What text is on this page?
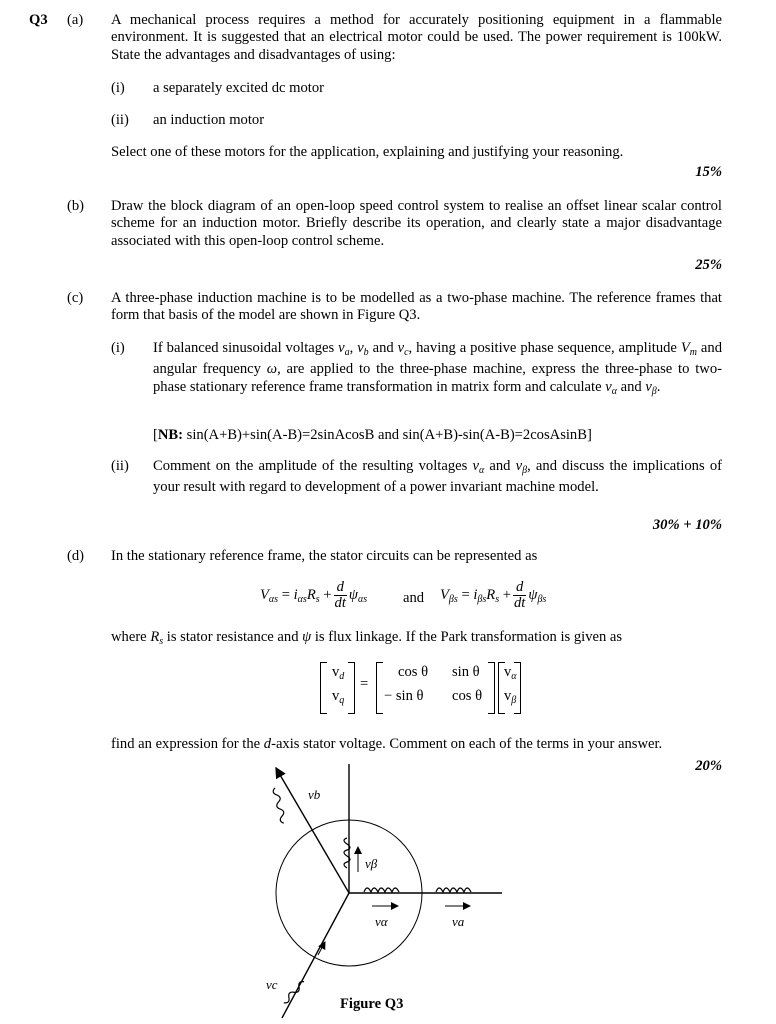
Q3 (a) A mechanical process requires a method for accurately positioning equipment in a flammable environment. It is suggested that an electrical motor could be used. The power requirement is 100kW. State the advantages and disadvantages of using:
(i) a separately excited dc motor
(ii) an induction motor
Select one of these motors for the application, explaining and justifying your reasoning.
15%
(b) Draw the block diagram of an open-loop speed control system to realise an offset linear scalar control scheme for an induction motor. Briefly describe its operation, and clearly state a major disadvantage associated with this open-loop control scheme.
25%
(c) A three-phase induction machine is to be modelled as a two-phase machine. The reference frames that form that basis of the model are shown in Figure Q3.
(i) If balanced sinusoidal voltages $v_a$, $v_b$ and $v_c$, having a positive phase sequence, amplitude $V_m$ and angular frequency ω, are applied to the three-phase machine, express the three-phase to two-phase stationary reference frame transformation in matrix form and calculate $v_\alpha$ and $v_\beta$.
[NB: sin(A+B)+sin(A-B)=2sinAcosB and sin(A+B)-sin(A-B)=2cosAsinB]
(ii) Comment on the amplitude of the resulting voltages $v_\alpha$ and $v_\beta$, and discuss the implications of your result with regard to development of a power invariant machine model.
30% + 10%
(d) In the stationary reference frame, the stator circuits can be represented as
$V_{\alpha s} = i_{\alpha s}R_s + \frac{d}{dt} \psi_{\alpha s}$ and $V_{\beta s} = i_{\beta s}R_s + \frac{d}{dt} \psi_{\beta s}$
where $R_s$ is stator resistance and ψ is flux linkage. If the Park transformation is given as
$v_d$
$v_q$
=
cos θ sin θ
− sin θ cos θ
$v_\alpha$
$v_\beta$
find an expression for the d-axis stator voltage. Comment on each of the terms in your answer.
20%
vb
vβ
vα	va
vc
Figure Q3
